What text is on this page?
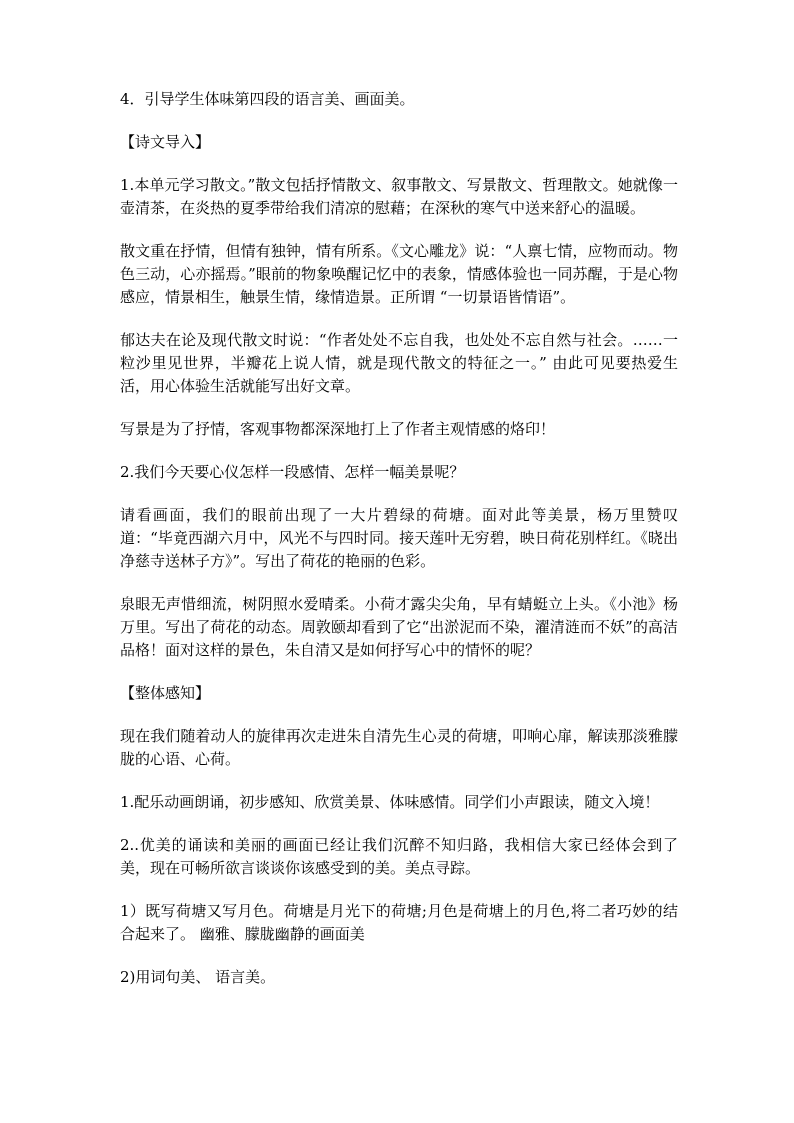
4．引导学生体味第四段的语言美、画面美。

【诗文导入】

1.本单元学习散文。”散文包括抒情散文、叙事散文、写景散文、哲理散文。她就像一壶清茶，在炎热的夏季带给我们清凉的慰藉；在深秋的寒气中送来舒心的温暖。

散文重在抒情，但情有独钟，情有所系。《文心雕龙》说：“人禀七情，应物而动。物色三动，心亦摇焉。”眼前的物象唤醒记忆中的表象，情感体验也一同苏醒，于是心物感应，情景相生，触景生情，缘情造景。正所谓 “一切景语皆情语”。

郁达夫在论及现代散文时说：“作者处处不忘自我，也处处不忘自然与社会。……一粒沙里见世界，半瓣花上说人情，就是现代散文的特征之一。” 由此可见要热爱生活，用心体验生活就能写出好文章。

写景是为了抒情，客观事物都深深地打上了作者主观情感的烙印！

2.我们今天要心仪怎样一段感情、怎样一幅美景呢？

请看画面，我们的眼前出现了一大片碧绿的荷塘。面对此等美景，杨万里赞叹道：“毕竟西湖六月中，风光不与四时同。接天莲叶无穷碧，映日荷花别样红。《晓出净慈寺送林子方》”。写出了荷花的艳丽的色彩。

泉眼无声惜细流，树阴照水爱晴柔。小荷才露尖尖角，早有蜻蜓立上头。《小池》杨万里。写出了荷花的动态。周敦颐却看到了它“出淤泥而不染，濯清涟而不妖”的高洁品格！面对这样的景色，朱自清又是如何抒写心中的情怀的呢？

【整体感知】

现在我们随着动人的旋律再次走进朱自清先生心灵的荷塘，叩响心扉，解读那淡雅朦胧的心语、心荷。

1.配乐动画朗诵，初步感知、欣赏美景、体味感情。同学们小声跟读，随文入境！

2..优美的诵读和美丽的画面已经让我们沉醉不知归路，我相信大家已经体会到了美，现在可畅所欲言谈谈你该感受到的美。美点寻踪。

1）既写荷塘又写月色。荷塘是月光下的荷塘;月色是荷塘上的月色,将二者巧妙的结合起来了。 幽雅、朦胧幽静的画面美

2)用词句美、 语言美。
